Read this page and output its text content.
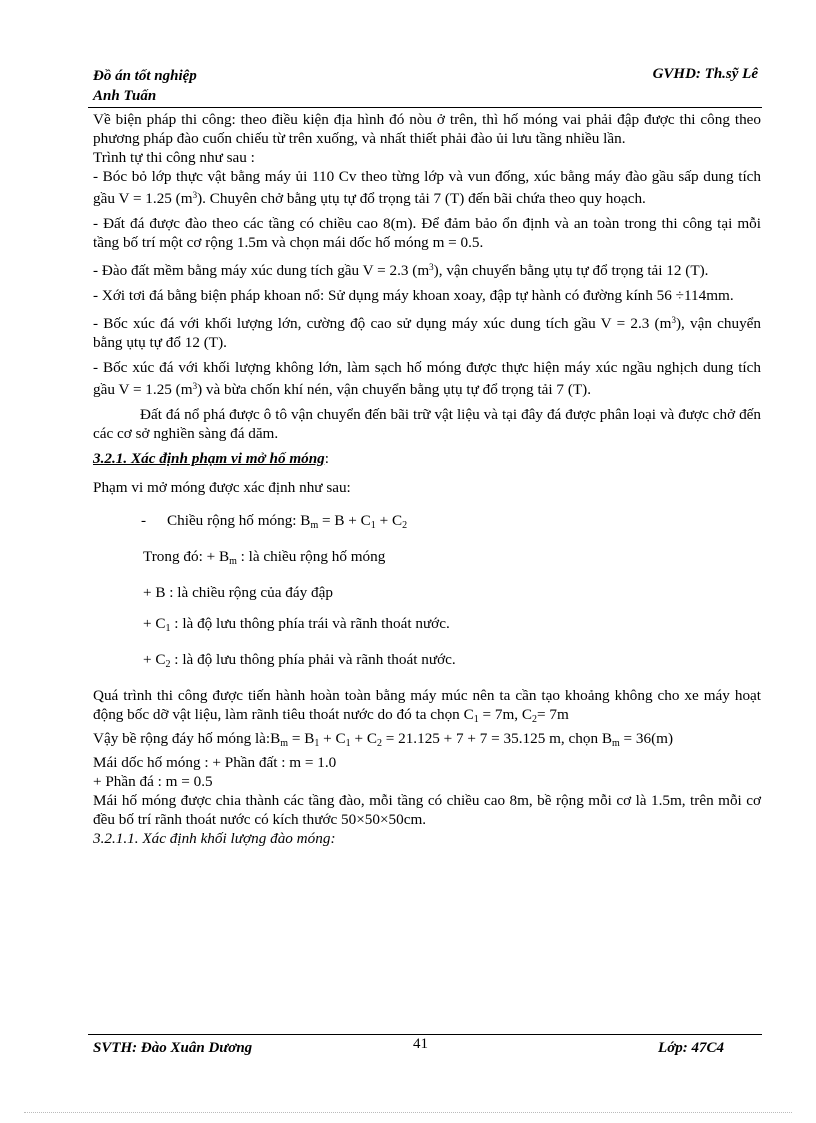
Đồ án tốt nghiệp
Anh Tuấn
GVHD: Th.sỹ Lê

Về biện pháp thi công: theo điều kiện địa hình đó nòu ở trên, thì hố móng vai phải đập được thi công theo phương pháp đào cuốn chiếu từ trên xuống, và nhất thiết phải đào ủi lưu tầng nhiều lần.

Trình tự thi công như sau :

- Bóc bỏ lớp thực vật bằng máy ủi 110 Cv theo từng lớp và vun đống, xúc bằng máy đào gầu sấp dung tích gầu V = 1.25 $(m^3)$. Chuyên chở bằng ụtụ tự đổ trọng tải 7 (T) đến bãi chứa theo quy hoạch.

- Đất đá được đào theo các tầng có chiều cao 8(m). Để đảm bảo ổn định và an toàn trong thi công tại mỗi tầng bố trí một cơ rộng 1.5m và chọn mái dốc hố móng m = 0.5.

- Đào đất mềm bằng máy xúc dung tích gầu V = 2.3 $(m^3)$, vận chuyển bằng ụtụ tự đổ trọng tải 12 (T).

- Xới tơi đá bằng biện pháp khoan nổ: Sử dụng máy khoan xoay, đập tự hành có đường kính 56 ÷114mm.

- Bốc xúc đá với khối lượng lớn, cường độ cao sử dụng máy xúc dung tích gầu V = 2.3 $(m^3)$, vận chuyển bằng ụtụ tự đổ 12 (T).

- Bốc xúc đá với khối lượng không lớn, làm sạch hố móng được thực hiện máy xúc ngầu nghịch dung tích gầu V = 1.25 $(m^3)$ và bừa chốn khí nén, vận chuyển bằng ụtụ tự đổ trọng tải 7 (T).

Đất đá nổ phá được ô tô vận chuyển đến bãi trữ vật liệu và tại đây đá được phân loại và được chở đến các cơ sở nghiền sàng đá dăm.

3.2.1. Xác định phạm vi mở hố móng:

Phạm vi mở móng được xác định như sau:

- Chiều rộng hố móng: Bm = B + C1 + C2

Trong đó: + Bm : là chiều rộng hố móng

+ B : là chiều rộng của đáy đập

+ C1 : là độ lưu thông phía trái và rãnh thoát nước.

+ C2 : là độ lưu thông phía phải và rãnh thoát nước.

Quá trình thi công được tiến hành hoàn toàn bằng máy múc nên ta cần tạo khoảng không cho xe máy hoạt động bốc dỡ vật liệu, làm rãnh tiêu thoát nước do đó ta chọn C1 = 7m, C2= 7m

Vậy bề rộng đáy hố móng là:Bm = B1 + C1 + C2 = 21.125 + 7 + 7 = 35.125 m, chọn Bm = 36(m)

Mái dốc hố móng : + Phần đất : m = 1.0

+ Phần đá : m = 0.5

Mái hố móng được chia thành các tầng đào, mỗi tầng có chiều cao 8m, bề rộng mỗi cơ là 1.5m, trên mỗi cơ đều bố trí rãnh thoát nước có kích thước 50×50×50cm.

3.2.1.1. Xác định khối lượng đào móng:

SVTH: Đào Xuân Dương	41	Lớp: 47C4
